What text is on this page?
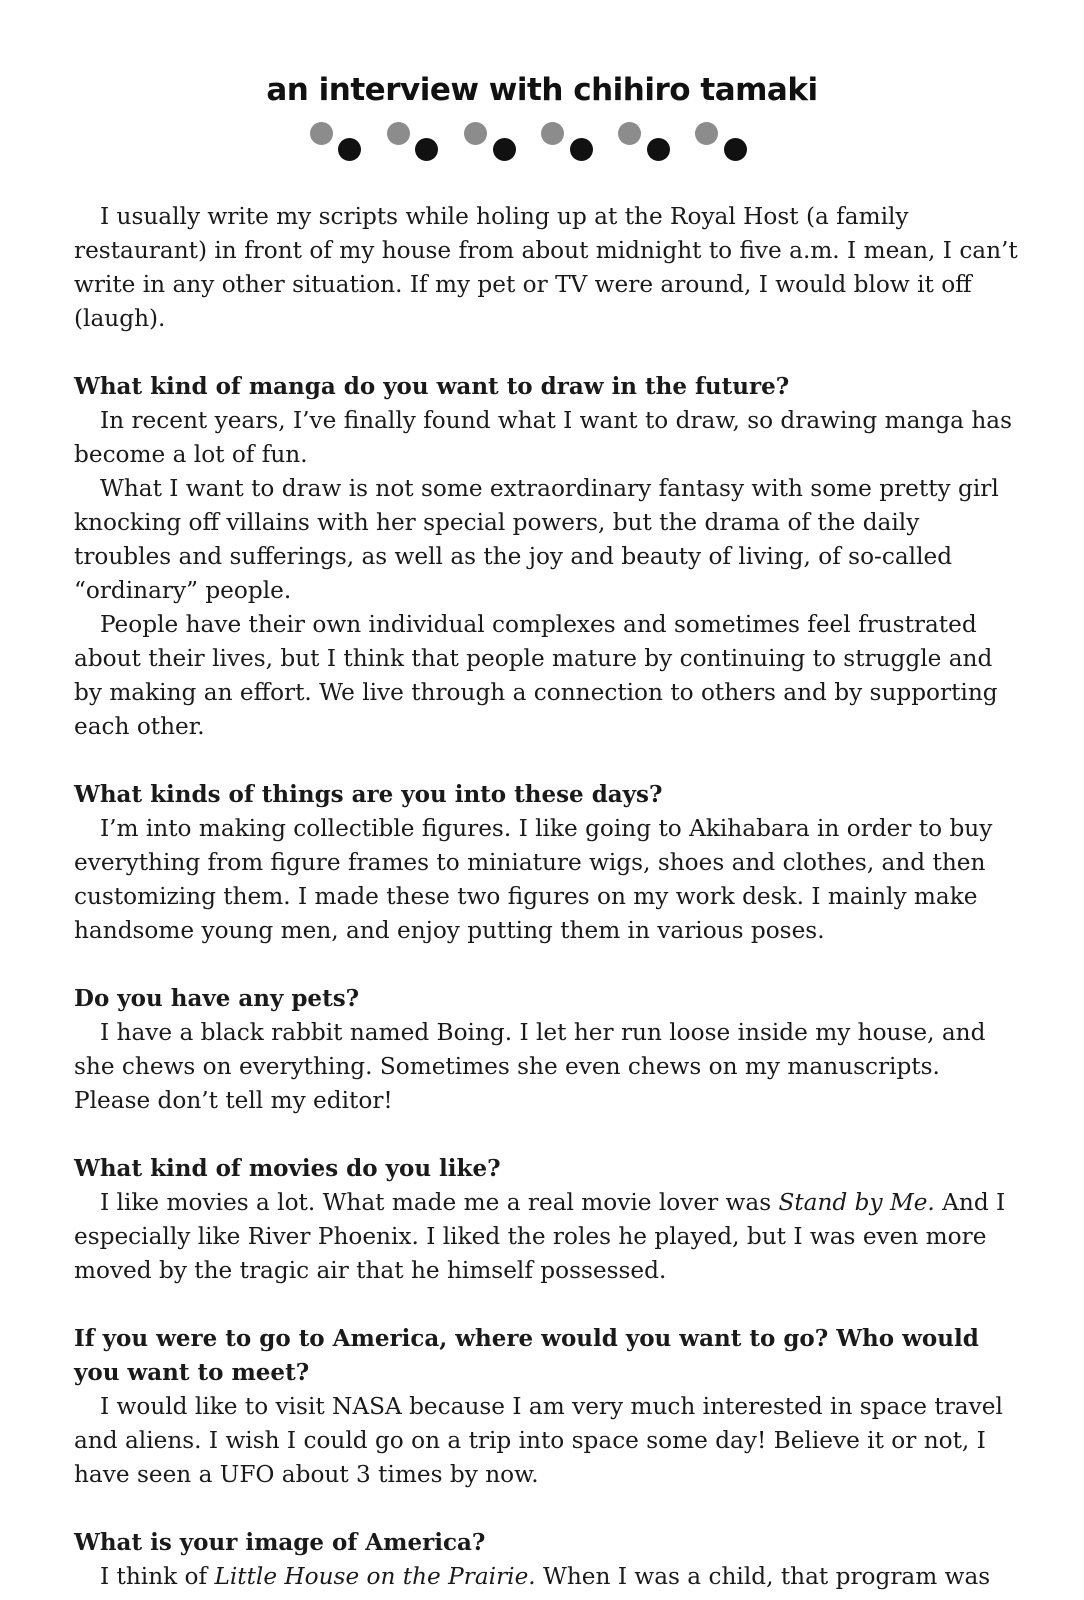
an interview with chihiro tamaki

I usually write my scripts while holing up at the Royal Host (a family restaurant) in front of my house from about midnight to five a.m. I mean, I can’t write in any other situation. If my pet or TV were around, I would blow it off (laugh).

What kind of manga do you want to draw in the future?

In recent years, I’ve finally found what I want to draw, so drawing manga has become a lot of fun.

What I want to draw is not some extraordinary fantasy with some pretty girl knocking off villains with her special powers, but the drama of the daily troubles and sufferings, as well as the joy and beauty of living, of so-called “ordinary” people.

People have their own individual complexes and sometimes feel frustrated about their lives, but I think that people mature by continuing to struggle and by making an effort. We live through a connection to others and by supporting each other.

What kinds of things are you into these days?

I’m into making collectible figures. I like going to Akihabara in order to buy everything from figure frames to miniature wigs, shoes and clothes, and then customizing them. I made these two figures on my work desk. I mainly make handsome young men, and enjoy putting them in various poses.

Do you have any pets?

I have a black rabbit named Boing. I let her run loose inside my house, and she chews on everything. Sometimes she even chews on my manuscripts. Please don’t tell my editor!

What kind of movies do you like?

I like movies a lot. What made me a real movie lover was Stand by Me. And I especially like River Phoenix. I liked the roles he played, but I was even more moved by the tragic air that he himself possessed.

If you were to go to America, where would you want to go? Who would you want to meet?

I would like to visit NASA because I am very much interested in space travel and aliens. I wish I could go on a trip into space some day! Believe it or not, I have seen a UFO about 3 times by now.

What is your image of America?

I think of Little House on the Prairie. When I was a child, that program was
